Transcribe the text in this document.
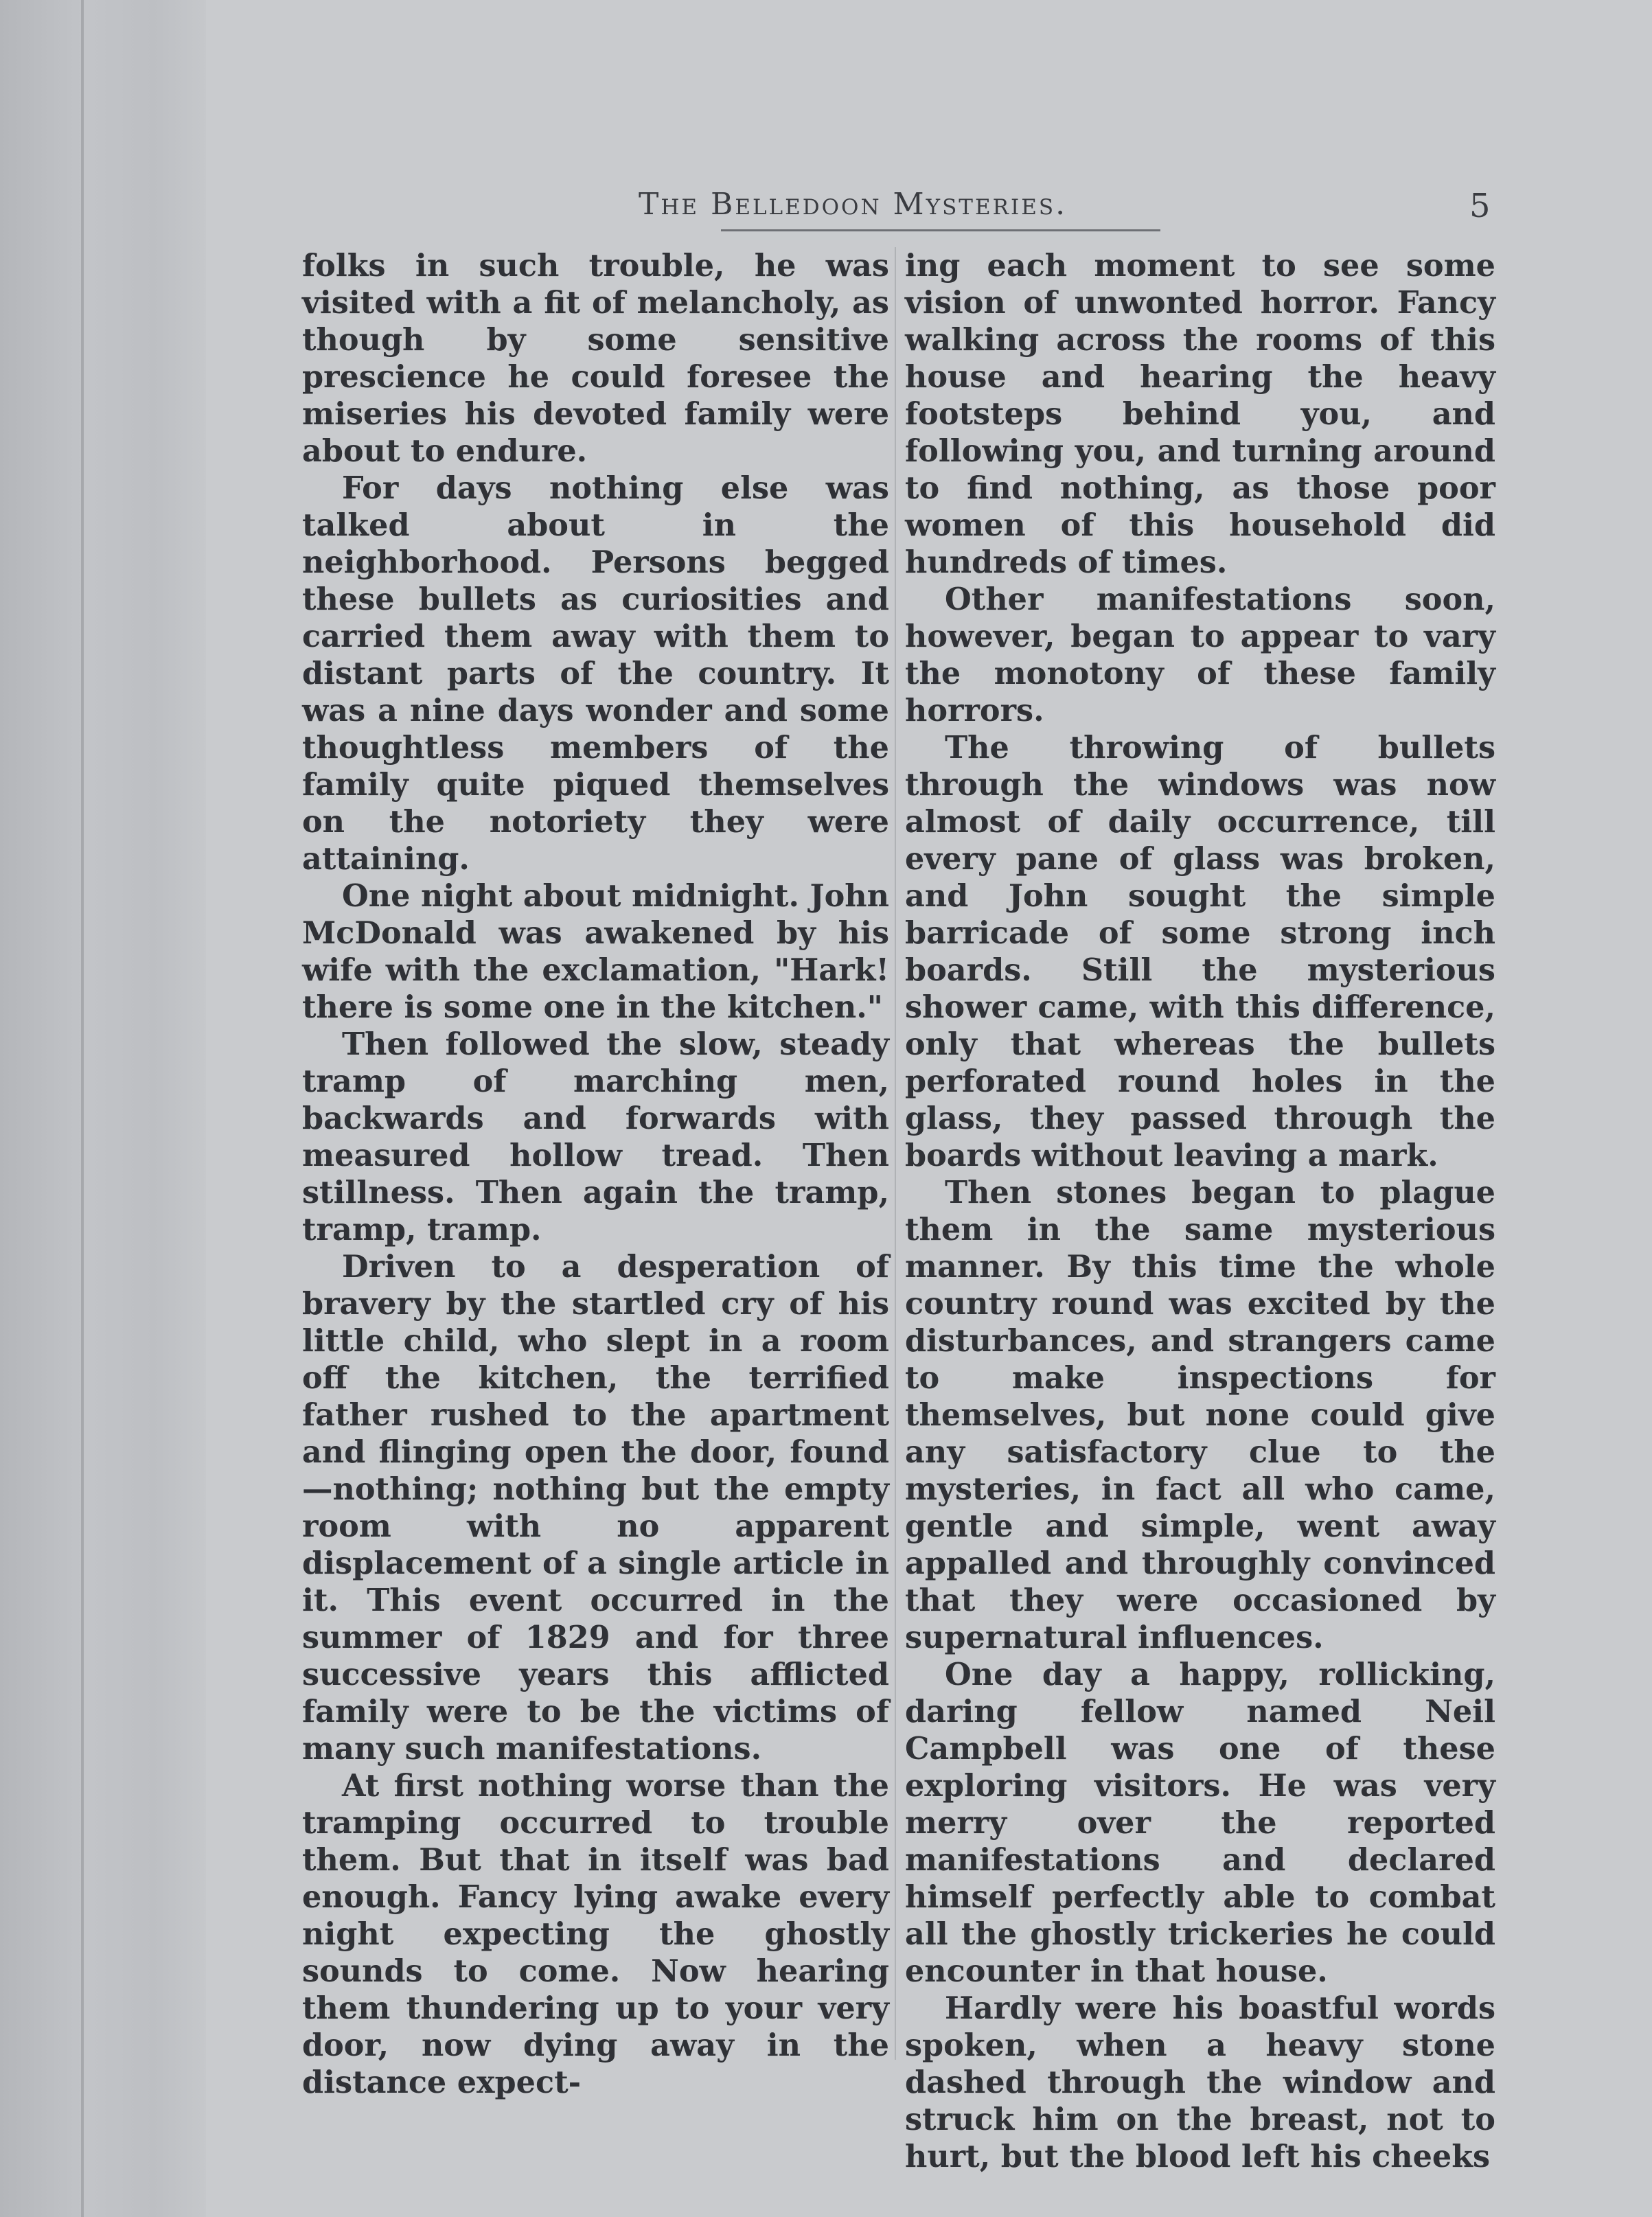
The Belledoon Mysteries.	5

folks in such trouble, he was visited with a fit of melancholy, as though by some sensitive prescience he could foresee the miseries his devoted family were about to endure.

For days nothing else was talked about in the neighborhood. Persons begged these bullets as curiosities and carried them away with them to distant parts of the country. It was a nine days wonder and some thoughtless members of the family quite piqued themselves on the notoriety they were attaining.

One night about midnight. John McDonald was awakened by his wife with the exclamation, "Hark! there is some one in the kitchen."

Then followed the slow, steady tramp of marching men, backwards and forwards with measured hollow tread. Then stillness. Then again the tramp, tramp, tramp.

Driven to a desperation of bravery by the startled cry of his little child, who slept in a room off the kitchen, the terrified father rushed to the apartment and flinging open the door, found—nothing; nothing but the empty room with no apparent displacement of a single article in it. This event occurred in the summer of 1829 and for three successive years this afflicted family were to be the victims of many such manifestations.

At first nothing worse than the tramping occurred to trouble them. But that in itself was bad enough. Fancy lying awake every night expecting the ghostly sounds to come. Now hearing them thundering up to your very door, now dying away in the distance expect-

ing each moment to see some vision of unwonted horror. Fancy walking across the rooms of this house and hearing the heavy footsteps behind you, and following you, and turning around to find nothing, as those poor women of this household did hundreds of times.

Other manifestations soon, however, began to appear to vary the monotony of these family horrors.

The throwing of bullets through the windows was now almost of daily occurrence, till every pane of glass was broken, and John sought the simple barricade of some strong inch boards. Still the mysterious shower came, with this difference, only that whereas the bullets perforated round holes in the glass, they passed through the boards without leaving a mark.

Then stones began to plague them in the same mysterious manner. By this time the whole country round was excited by the disturbances, and strangers came to make inspections for themselves, but none could give any satisfactory clue to the mysteries, in fact all who came, gentle and simple, went away appalled and throughly convinced that they were occasioned by supernatural influences.

One day a happy, rollicking, daring fellow named Neil Campbell was one of these exploring visitors. He was very merry over the reported manifestations and declared himself perfectly able to combat all the ghostly trickeries he could encounter in that house.

Hardly were his boastful words spoken, when a heavy stone dashed through the window and struck him on the breast, not to hurt, but the blood left his cheeks
